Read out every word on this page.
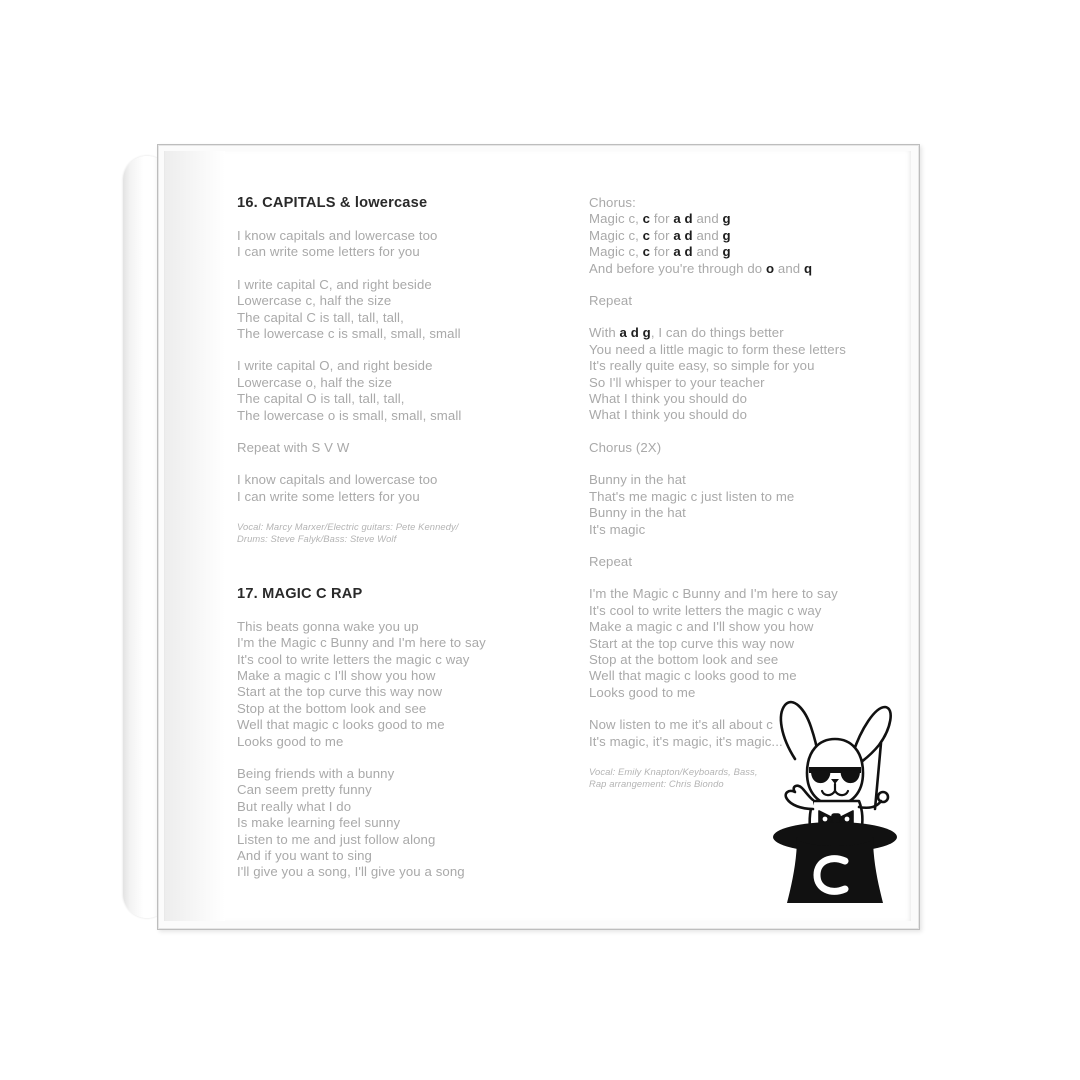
16. CAPITALS & lowercase
I know capitals and lowercase too
I can write some letters for you
I write capital C, and right beside
Lowercase c, half the size
The capital C is tall, tall, tall,
The lowercase c is small, small, small
I write capital O, and right beside
Lowercase o, half the size
The capital O is tall, tall, tall,
The lowercase o is small, small, small
Repeat with S V W
I know capitals and lowercase too
I can write some letters for you
Vocal: Marcy Marxer/Electric guitars: Pete Kennedy/
Drums: Steve Falyk/Bass: Steve Wolf
17. MAGIC C RAP
This beats gonna wake you up
I'm the Magic c Bunny and I'm here to say
It's cool to write letters the magic c way
Make a magic c I'll show you how
Start at the top curve this way now
Stop at the bottom look and see
Well that magic c looks good to me
Looks good to me
Being friends with a bunny
Can seem pretty funny
But really what I do
Is make learning feel sunny
Listen to me and just follow along
And if you want to sing
I'll give you a song, I'll give you a song
Chorus:
Magic c, c for a d and g
Magic c, c for a d and g
Magic c, c for a d and g
And before you're through do o and q
Repeat
With a d g, I can do things better
You need a little magic to form these letters
It's really quite easy, so simple for you
So I'll whisper to your teacher
What I think you should do
What I think you should do
Chorus (2X)
Bunny in the hat
That's me magic c just listen to me
Bunny in the hat
It's magic
Repeat
I'm the Magic c Bunny and I'm here to say
It's cool to write letters the magic c way
Make a magic c and I'll show you how
Start at the top curve this way now
Stop at the bottom look and see
Well that magic c looks good to me
Looks good to me
Now listen to me it's all about c
It's magic, it's magic, it's magic...
Vocal: Emily Knapton/Keyboards, Bass,
Rap arrangement: Chris Biondo
